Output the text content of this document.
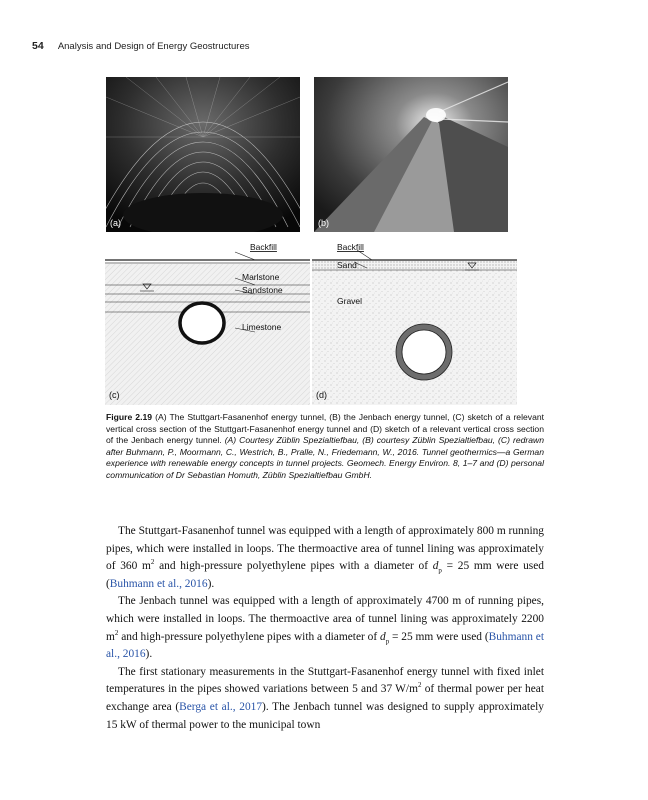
54 Analysis and Design of Energy Geostructures
(a)	(b)
Backfill
Marlstone
Sandstone
Limestone
(c)
Backfill
Sand
Gravel
(d)
Figure 2.19 (A) The Stuttgart-Fasanenhof energy tunnel, (B) the Jenbach energy tunnel, (C) sketch of a relevant vertical cross section of the Stuttgart-Fasanenhof energy tunnel and (D) sketch of a relevant vertical cross section of the Jenbach energy tunnel. (A) Courtesy Züblin Spezialtiefbau, (B) courtesy Züblin Spezialtiefbau, (C) redrawn after Buhmann, P., Moormann, C., Westrich, B., Pralle, N., Friedemann, W., 2016. Tunnel geothermics—a German experience with renewable energy concepts in tunnel projects. Geomech. Energy Environ. 8, 1–7 and (D) personal communication of Dr Sebastian Homuth, Züblin Spezialtiefbau GmbH.

The Stuttgart-Fasanenhof tunnel was equipped with a length of approximately 800 m running pipes, which were installed in loops. The thermoactive area of tunnel lining was approximately of 360 $m^2$ and high-pressure polyethylene pipes with a diameter of $d_p = 25$ mm were used (Buhmann et al., 2016).

The Jenbach tunnel was equipped with a length of approximately 4700 m of running pipes, which were installed in loops. The thermoactive area of tunnel lining was approximately 2200 $m^2$ and high-pressure polyethylene pipes with a diameter of $d_p = 25$ mm were used (Buhmann et al., 2016).

The first stationary measurements in the Stuttgart-Fasanenhof energy tunnel with fixed inlet temperatures in the pipes showed variations between 5 and 37 $W/m^2$ of thermal power per heat exchange area (Berga et al., 2017). The Jenbach tunnel was designed to supply approximately 15 kW of thermal power to the municipal town
